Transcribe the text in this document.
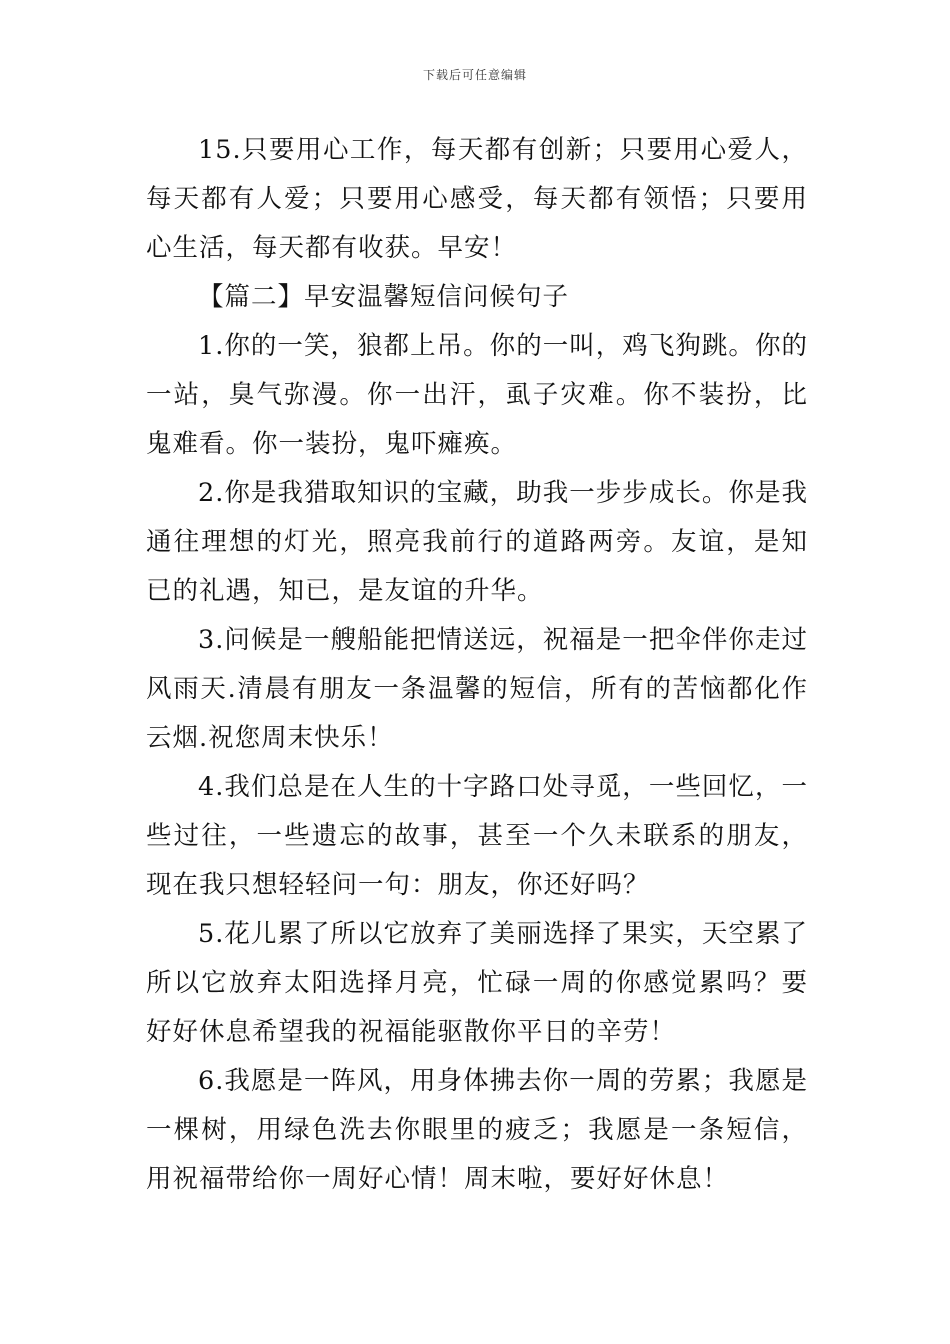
下载后可任意编辑

15.只要用心工作，每天都有创新；只要用心爱人，每天都有人爱；只要用心感受，每天都有领悟；只要用心生活，每天都有收获。早安！

【篇二】早安温馨短信问候句子

1.你的一笑，狼都上吊。你的一叫，鸡飞狗跳。你的一站，臭气弥漫。你一出汗，虱子灾难。你不装扮，比鬼难看。你一装扮，鬼吓瘫痪。

2.你是我猎取知识的宝藏，助我一步步成长。你是我通往理想的灯光，照亮我前行的道路两旁。友谊，是知已的礼遇，知已，是友谊的升华。

3.问候是一艘船能把情送远，祝福是一把伞伴你走过风雨天.清晨有朋友一条温馨的短信，所有的苦恼都化作云烟.祝您周末快乐！

4.我们总是在人生的十字路口处寻觅，一些回忆，一些过往，一些遗忘的故事，甚至一个久未联系的朋友，现在我只想轻轻问一句：朋友，你还好吗？

5.花儿累了所以它放弃了美丽选择了果实，天空累了所以它放弃太阳选择月亮，忙碌一周的你感觉累吗？要好好休息希望我的祝福能驱散你平日的辛劳！

6.我愿是一阵风，用身体拂去你一周的劳累；我愿是一棵树，用绿色洗去你眼里的疲乏；我愿是一条短信，用祝福带给你一周好心情！周末啦，要好好休息！
